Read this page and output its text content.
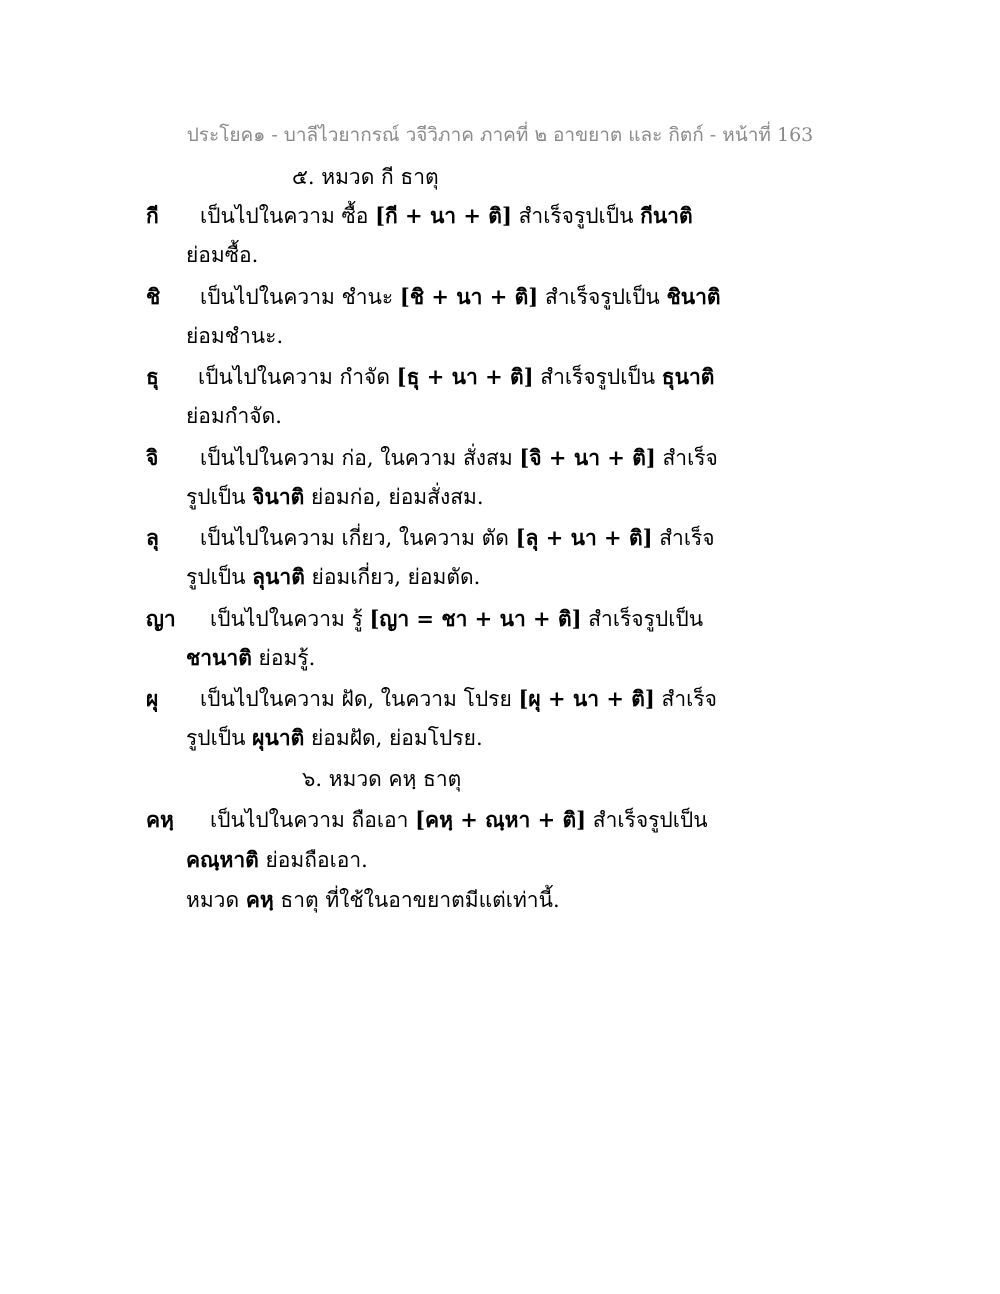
ประโยค๑ - บาลีไวยากรณ์ วจีวิภาค ภาคที่ ๒ อาขยาต และ กิตก์ - หน้าที่ 163
๕. หมวด กี ธาตุ
กี เป็นไปในความ ซื้อ [กี + นา + ติ] สำเร็จรูปเป็น กีนาติ
ย่อมซื้อ.
ชิ เป็นไปในความ ชำนะ [ชิ + นา + ติ] สำเร็จรูปเป็น ชินาติ
ย่อมชำนะ.
ธุ เป็นไปในความ กำจัด [ธุ + นา + ติ] สำเร็จรูปเป็น ธุนาติ
ย่อมกำจัด.
จิ เป็นไปในความ ก่อ, ในความ สั่งสม [จิ + นา + ติ] สำเร็จ
รูปเป็น จินาติ ย่อมก่อ, ย่อมสั่งสม.
ลุ เป็นไปในความ เกี่ยว, ในความ ตัด [ลุ + นา + ติ] สำเร็จ
รูปเป็น ลุนาติ ย่อมเกี่ยว, ย่อมตัด.
ญา เป็นไปในความ รู้ [ญา = ชา + นา + ติ] สำเร็จรูปเป็น
ชานาติ ย่อมรู้.
ผุ เป็นไปในความ ฝัด, ในความ โปรย [ผุ + นา + ติ] สำเร็จ
รูปเป็น ผุนาติ ย่อมฝัด, ย่อมโปรย.
๖. หมวด คหฺ ธาตุ
คหฺ เป็นไปในความ ถือเอา [คหฺ + ณฺหา + ติ] สำเร็จรูปเป็น
คณฺหาติ ย่อมถือเอา.
หมวด คหฺ ธาตุ ที่ใช้ในอาขยาตมีแต่เท่านี้.
